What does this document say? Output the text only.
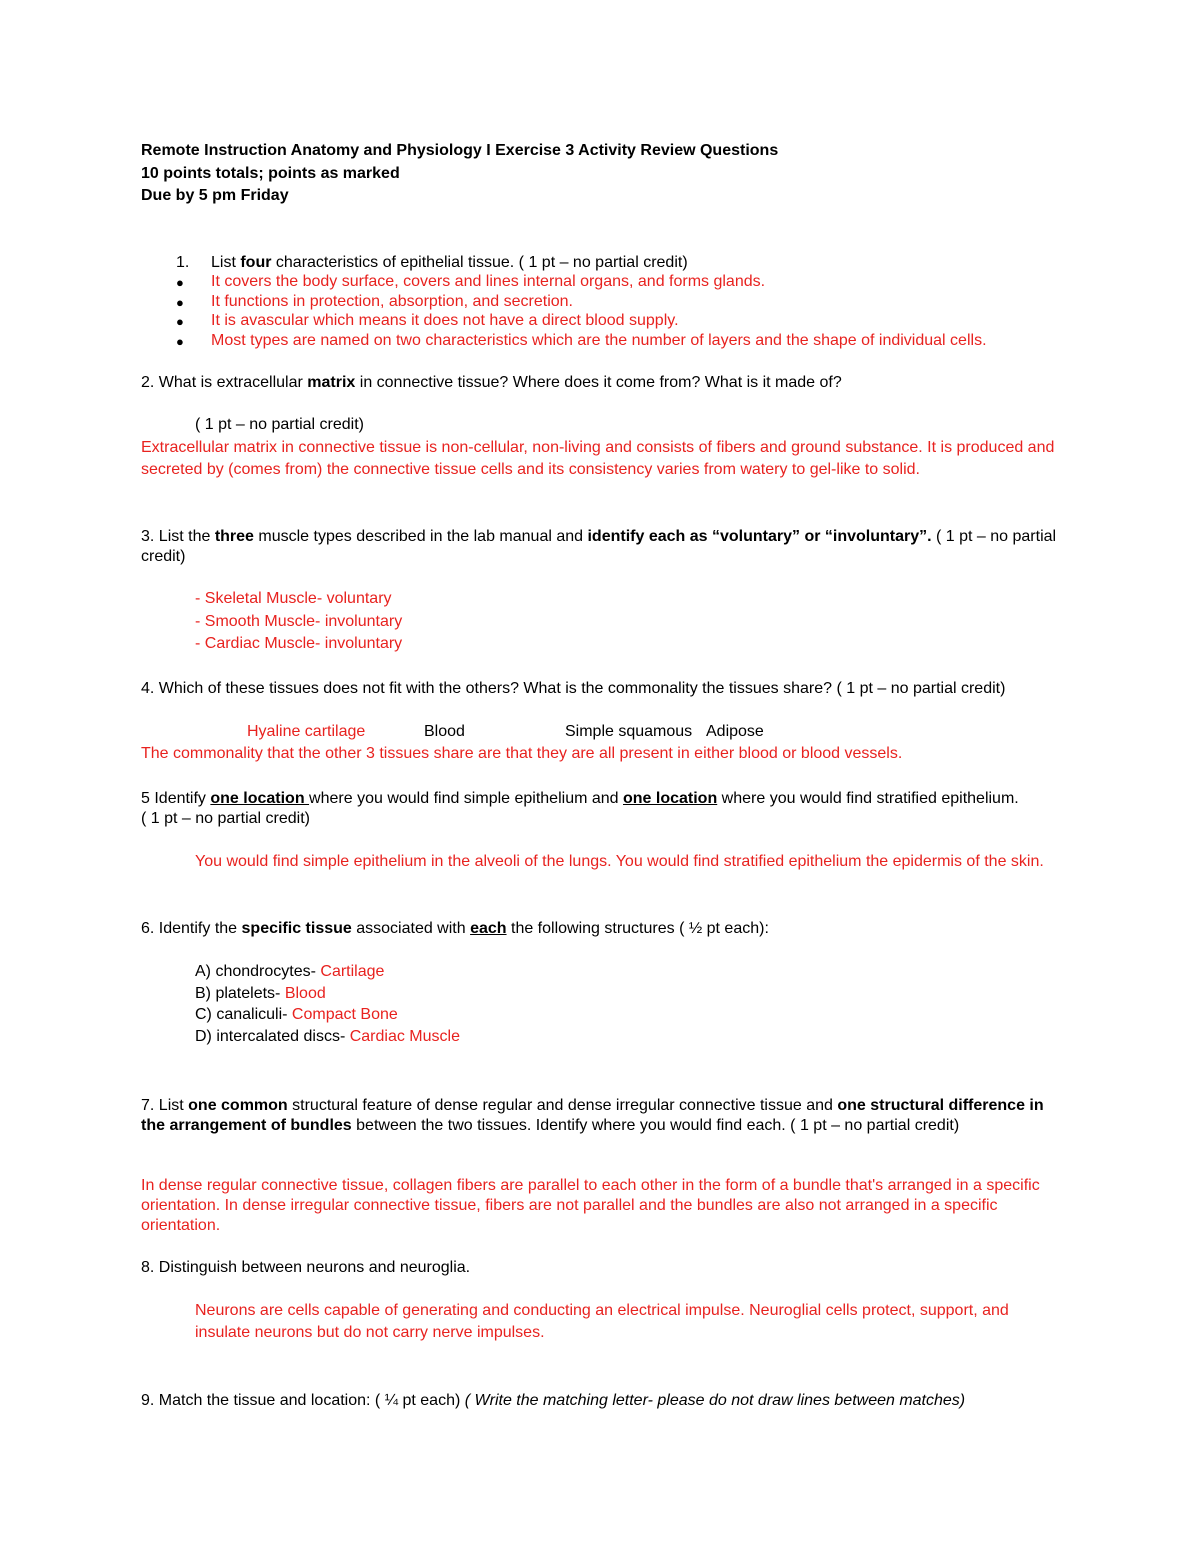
Remote Instruction Anatomy and Physiology I Exercise 3 Activity Review Questions

10 points totals; points as marked

Due by 5 pm Friday

1. List four characteristics of epithelial tissue. ( 1 pt – no partial credit)

● It covers the body surface, covers and lines internal organs, and forms glands.

● It functions in protection, absorption, and secretion.

● It is avascular which means it does not have a direct blood supply.

● Most types are named on two characteristics which are the number of layers and the shape of individual cells.

2. What is extracellular matrix in connective tissue? Where does it come from? What is it made of?

( 1 pt – no partial credit)

Extracellular matrix in connective tissue is non-cellular, non-living and consists of fibers and ground substance. It is produced and secreted by (comes from) the connective tissue cells and its consistency varies from watery to gel-like to solid.

3. List the three muscle types described in the lab manual and identify each as “voluntary” or “involuntary”. ( 1 pt – no partial credit)

- Skeletal Muscle- voluntary

- Smooth Muscle- involuntary

- Cardiac Muscle- involuntary

4. Which of these tissues does not fit with the others? What is the commonality the tissues share? ( 1 pt – no partial credit)

Hyaline cartilage	Blood	Simple squamous Adipose

The commonality that the other 3 tissues share are that they are all present in either blood or blood vessels.

5 Identify one location where you would find simple epithelium and one location where you would find stratified epithelium.

( 1 pt – no partial credit)

You would find simple epithelium in the alveoli of the lungs. You would find stratified epithelium the epidermis of the skin.

6. Identify the specific tissue associated with each the following structures ( ½ pt each):

A) chondrocytes- Cartilage

B) platelets- Blood

C) canaliculi- Compact Bone

D) intercalated discs- Cardiac Muscle

7. List one common structural feature of dense regular and dense irregular connective tissue and one structural difference in the arrangement of bundles between the two tissues. Identify where you would find each. ( 1 pt – no partial credit)

In dense regular connective tissue, collagen fibers are parallel to each other in the form of a bundle that's arranged in a specific orientation. In dense irregular connective tissue, fibers are not parallel and the bundles are also not arranged in a specific orientation.

8. Distinguish between neurons and neuroglia.

Neurons are cells capable of generating and conducting an electrical impulse. Neuroglial cells protect, support, and insulate neurons but do not carry nerve impulses.

9. Match the tissue and location: ( ¼ pt each) ( Write the matching letter- please do not draw lines between matches)
